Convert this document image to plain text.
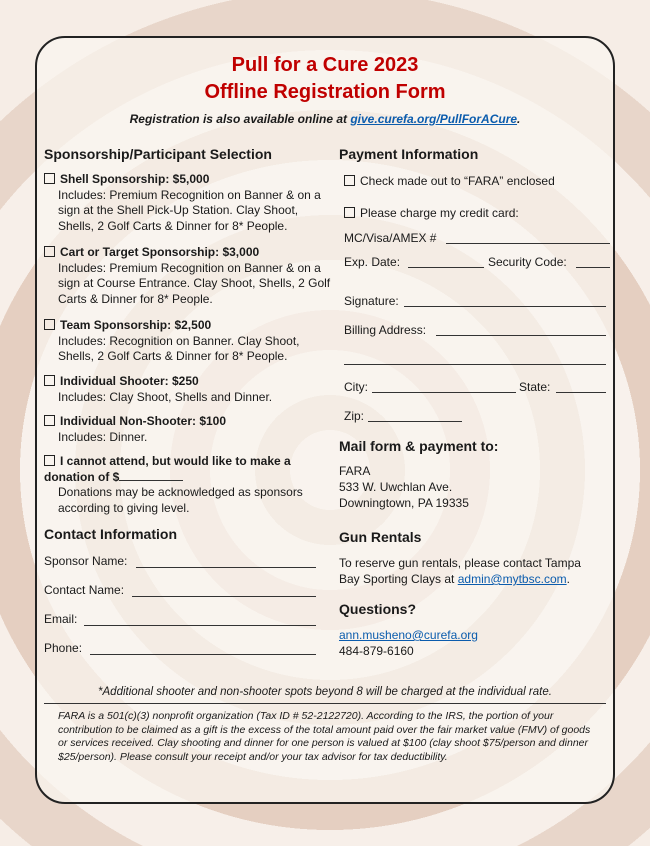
Pull for a Cure 2023
Offline Registration Form
Registration is also available online at give.curefa.org/PullForACure.
Sponsorship/Participant Selection
Shell Sponsorship: $5,000
Includes: Premium Recognition on Banner & on a sign at the Shell Pick-Up Station. Clay Shoot, Shells, 2 Golf Carts & Dinner for 8* People.
Cart or Target Sponsorship: $3,000
Includes: Premium Recognition on Banner & on a sign at Course Entrance. Clay Shoot, Shells, 2 Golf Carts & Dinner for 8* People.
Team Sponsorship: $2,500
Includes: Recognition on Banner. Clay Shoot, Shells, 2 Golf Carts & Dinner for 8* People.
Individual Shooter: $250
Includes: Clay Shoot, Shells and Dinner.
Individual Non-Shooter: $100
Includes: Dinner.
I cannot attend, but would like to make a donation of $
Donations may be acknowledged as sponsors according to giving level.
Contact Information
Sponsor Name:
Contact Name:
Email:
Phone:
Payment Information
Check made out to “FARA” enclosed
Please charge my credit card:
MC/Visa/AMEX #
Exp. Date:	Security Code:
Signature:
Billing Address:
City:	State:
Zip:
Mail form & payment to:
FARA
533 W. Uwchlan Ave.
Downingtown, PA 19335
Gun Rentals
To reserve gun rentals, please contact Tampa
Bay Sporting Clays at admin@mytbsc.com.
Questions?
ann.musheno@curefa.org
484-879-6160
*Additional shooter and non-shooter spots beyond 8 will be charged at the individual rate.
FARA is a 501(c)(3) nonprofit organization (Tax ID # 52-2122720). According to the IRS, the portion of your contribution to be claimed as a gift is the excess of the total amount paid over the fair market value (FMV) of goods or services received. Clay shooting and dinner for one person is valued at $100 (clay shoot $75/person and dinner $25/person). Please consult your receipt and/or your tax advisor for tax deductibility.
